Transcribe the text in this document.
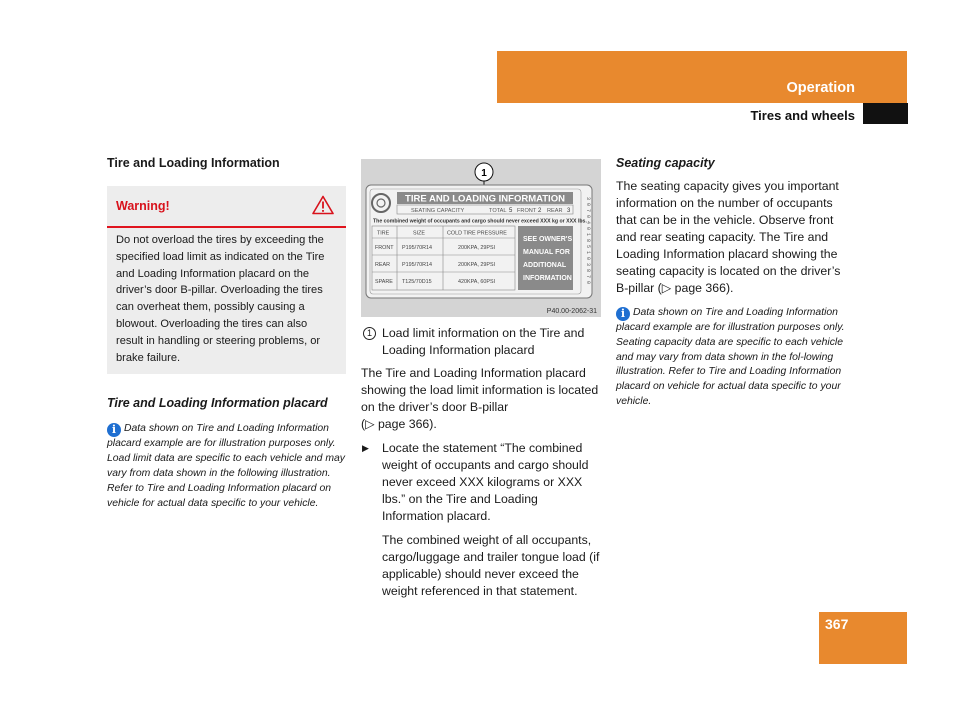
Operation
Tires and wheels

Tire and Loading Information

Warning!
Do not overload the tires by exceeding the specified load limit as indicated on the Tire and Loading Information placard on the driver’s door B-pillar. Overloading the tires can overheat them, possibly causing a blowout. Overloading the tires can also result in handling or steering problems, or brake failure.

Tire and Loading Information placard

i Data shown on Tire and Loading Information placard example are for illustration purposes only. Load limit data are specific to each vehicle and may vary from data shown in the following illustration. Refer to Tire and Loading Information placard on vehicle for actual data specific to your vehicle.

1
TIRE AND LOADING INFORMATION
SEATING CAPACITY	TOTAL 5 FRONT 2 REAR 3
The combined weight of occupants and cargo should never exceed XXX kg or XXX lbs.
TIRE	SIZE	COLD TIRE PRESSURE
FRONT P195/70R14	200KPA, 29PSI
REAR P195/70R14	200KPA, 29PSI
SPARE T125/70D15	420KPA, 60PSI
SEE OWNER'S
MANUAL FOR
ADDITIONAL
INFORMATION	3 0 7 0 4 0 1 8 5 1 0 3 8 7 0
P40.00-2062-31
1 Load limit information on the Tire and Loading Information placard

The Tire and Loading Information placard showing the load limit information is located on the driver’s door B-pillar
(▷ page 366).

▶ Locate the statement “The combined weight of occupants and cargo should never exceed XXX kilograms or XXX lbs.” on the Tire and Loading Information placard.

The combined weight of all occupants, cargo/luggage and trailer tongue load (if applicable) should never exceed the weight referenced in that statement.

Seating capacity

The seating capacity gives you important information on the number of occupants that can be in the vehicle. Observe front and rear seating capacity. The Tire and Loading Information placard showing the seating capacity is located on the driver’s B-pillar (▷ page 366).

i Data shown on Tire and Loading Information placard example are for illustration purposes only. Seating capacity data are specific to each vehicle and may vary from data shown in the fol-lowing illustration. Refer to Tire and Loading Information placard on vehicle for actual data specific to your vehicle.

367
